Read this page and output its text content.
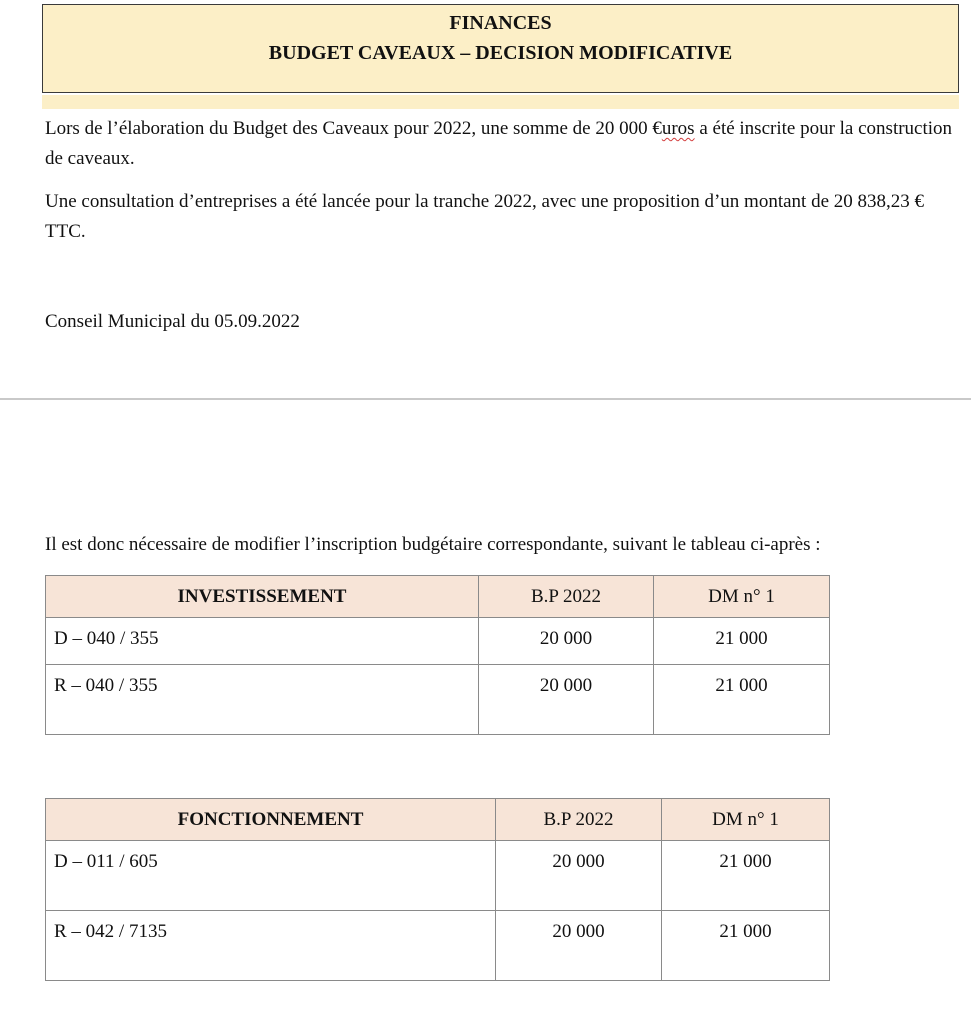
FINANCES
BUDGET CAVEAUX – DECISION MODIFICATIVE
Lors de l’élaboration du Budget des Caveaux pour 2022, une somme de 20 000 €uros a été inscrite pour la construction de caveaux.
Une consultation d’entreprises a été lancée pour la tranche 2022, avec une proposition d’un montant de 20 838,23 € TTC.
Conseil Municipal du 05.09.2022
Il est donc nécessaire de modifier l’inscription budgétaire correspondante, suivant le tableau ci-après :
INVESTISSEMENT	B.P 2022	DM n° 1
D – 040 / 355	20 000	21 000
R – 040 / 355	20 000	21 000
FONCTIONNEMENT	B.P 2022	DM n° 1
D – 011 / 605	20 000	21 000
R – 042 / 7135	20 000	21 000
